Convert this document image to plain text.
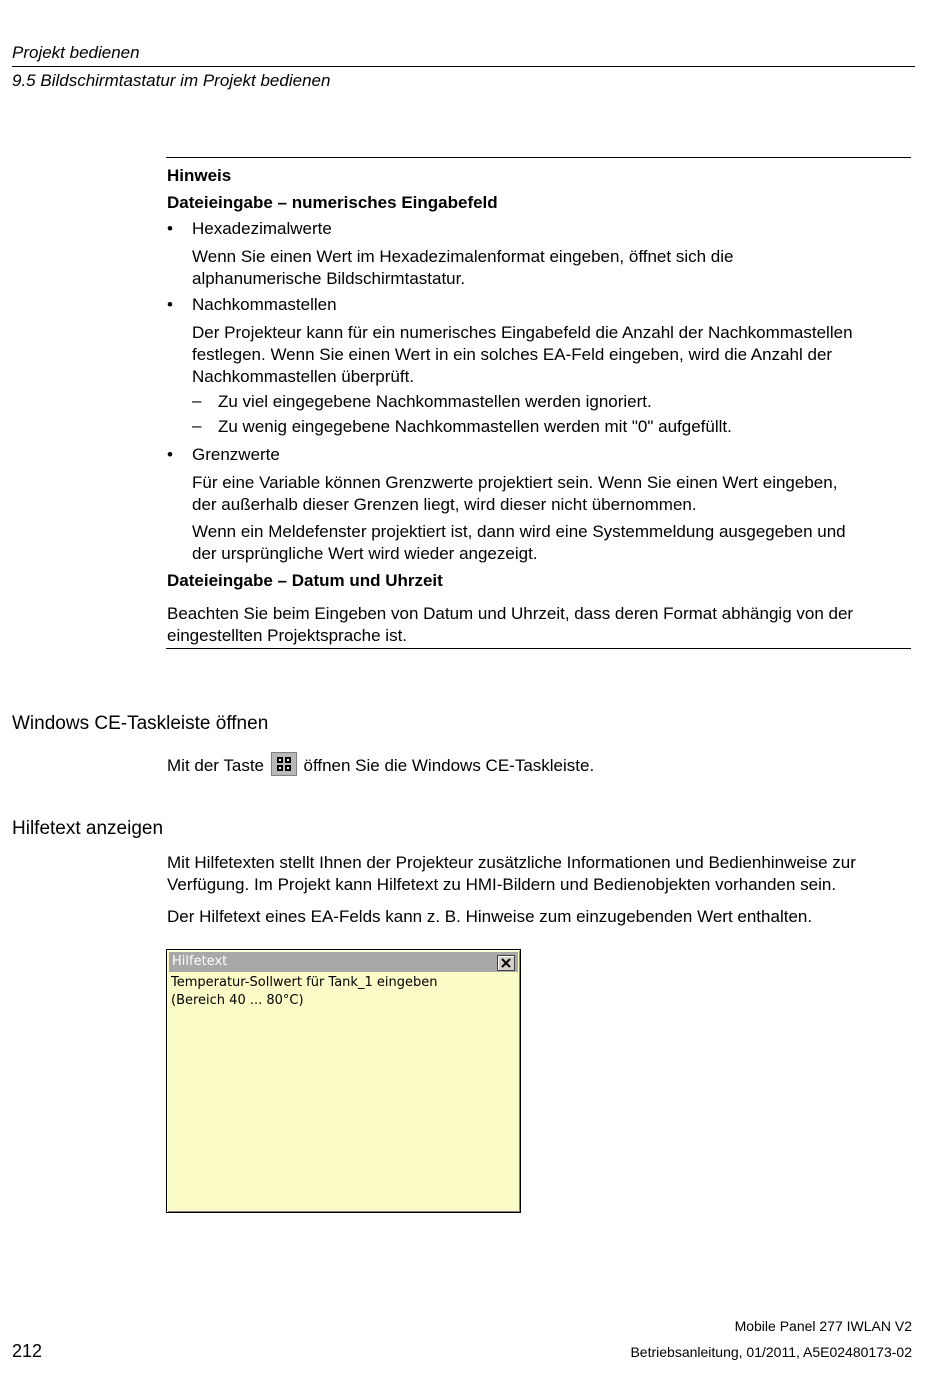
Projekt bedienen
9.5 Bildschirmtastatur im Projekt bedienen
Hinweis
Dateieingabe – numerisches Eingabefeld
• Hexadezimalwerte
Wenn Sie einen Wert im Hexadezimalenformat eingeben, öffnet sich die
alphanumerische Bildschirmtastatur.
• Nachkommastellen
Der Projekteur kann für ein numerisches Eingabefeld die Anzahl der Nachkommastellen
festlegen. Wenn Sie einen Wert in ein solches EA-Feld eingeben, wird die Anzahl der
Nachkommastellen überprüft.
– Zu viel eingegebene Nachkommastellen werden ignoriert.
– Zu wenig eingegebene Nachkommastellen werden mit "0" aufgefüllt.
• Grenzwerte
Für eine Variable können Grenzwerte projektiert sein. Wenn Sie einen Wert eingeben,
der außerhalb dieser Grenzen liegt, wird dieser nicht übernommen.
Wenn ein Meldefenster projektiert ist, dann wird eine Systemmeldung ausgegeben und
der ursprüngliche Wert wird wieder angezeigt.
Dateieingabe – Datum und Uhrzeit
Beachten Sie beim Eingeben von Datum und Uhrzeit, dass deren Format abhängig von der
eingestellten Projektsprache ist.
Windows CE-Taskleiste öffnen
Mit der Taste öffnen Sie die Windows CE-Taskleiste.
Hilfetext anzeigen
Mit Hilfetexten stellt Ihnen der Projekteur zusätzliche Informationen und Bedienhinweise zur
Verfügung. Im Projekt kann Hilfetext zu HMI-Bildern und Bedienobjekten vorhanden sein.
Der Hilfetext eines EA-Felds kann z. B. Hinweise zum einzugebenden Wert enthalten.
Hilfetext
Temperatur-Sollwert für Tank_1 eingeben
(Bereich 40 ... 80°C)
Mobile Panel 277 IWLAN V2
212	Betriebsanleitung, 01/2011, A5E02480173-02
